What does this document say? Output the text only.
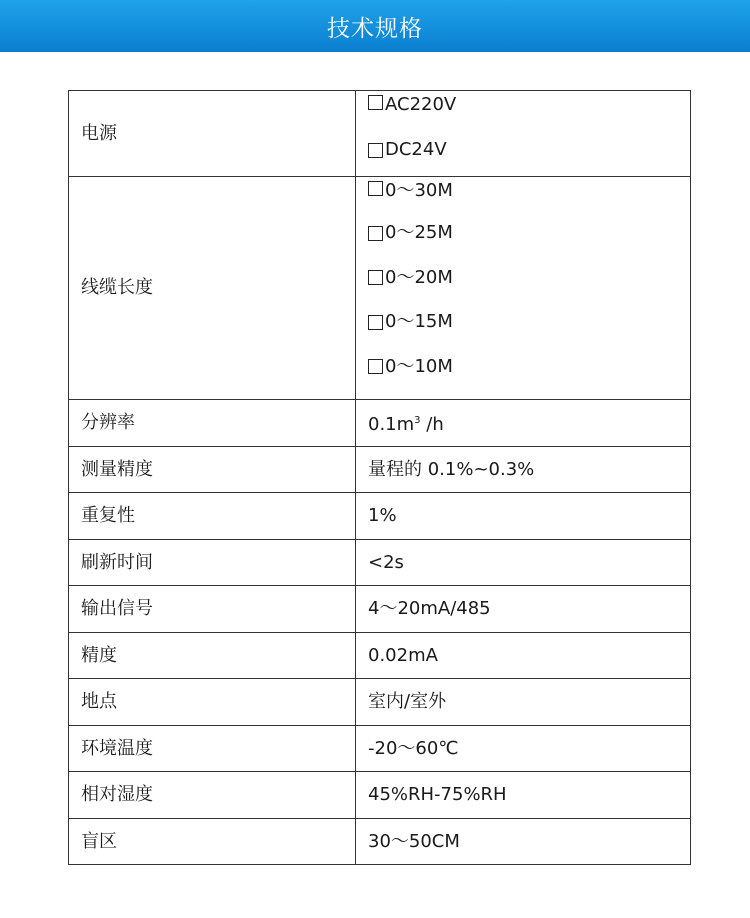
技术规格
电源	AC220V
DC24V

线缆长度	0～30M
0～25M
0～20M
0～15M
0～10M

分辨率	$0.1m^3$ /h
测量精度	量程的 0.1%~0.3%
重复性	1%
刷新时间	<2s
输出信号	4～20mA/485
精度	0.02mA
地点	室内/室外
环境温度	-20～60℃
相对湿度	45%RH-75%RH
盲区	30～50CM
